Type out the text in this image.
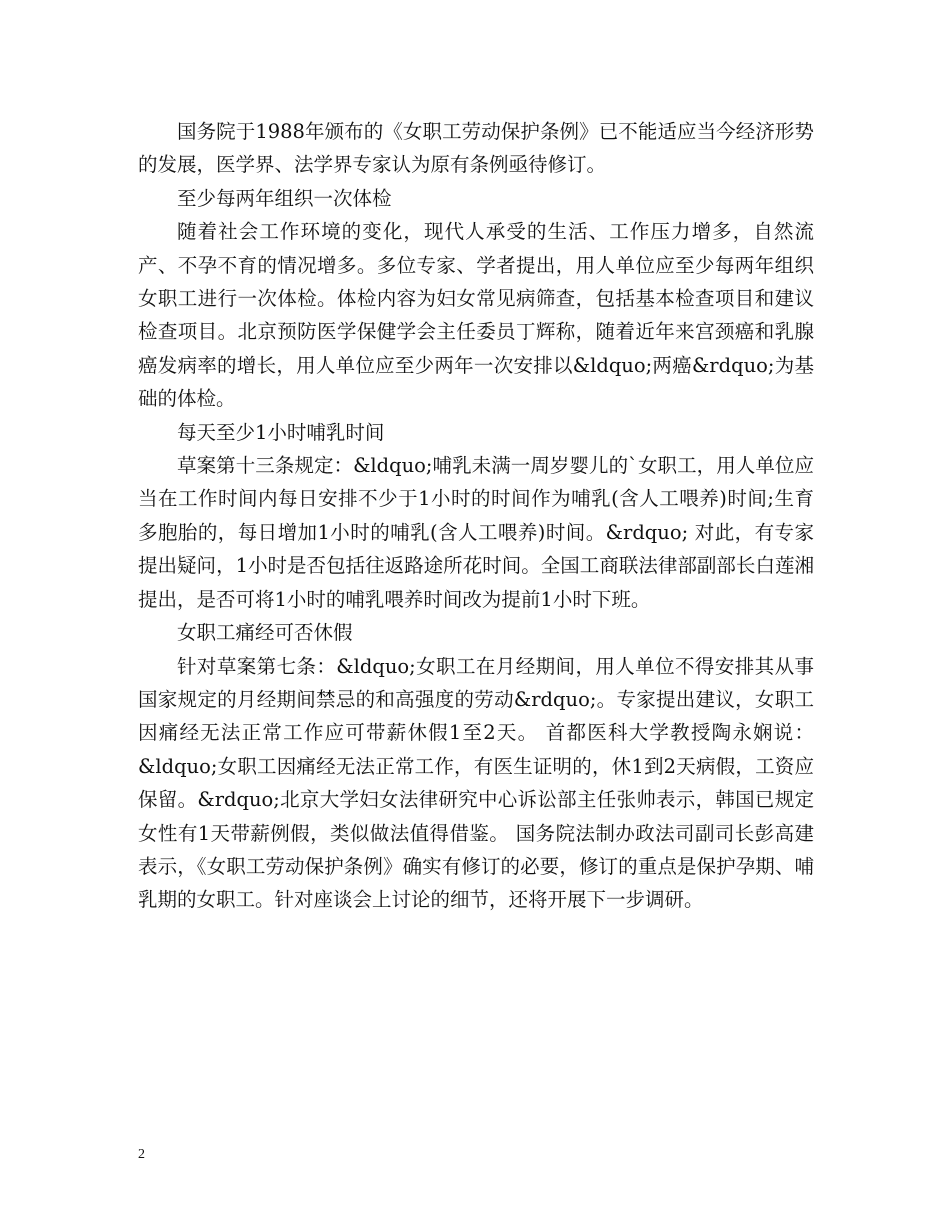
国务院于1988年颁布的《女职工劳动保护条例》已不能适应当今经济形势的发展，医学界、法学界专家认为原有条例亟待修订。

至少每两年组织一次体检

随着社会工作环境的变化，现代人承受的生活、工作压力增多，自然流产、不孕不育的情况增多。多位专家、学者提出，用人单位应至少每两年组织女职工进行一次体检。体检内容为妇女常见病筛查，包括基本检查项目和建议检查项目。北京预防医学保健学会主任委员丁辉称，随着近年来宫颈癌和乳腺癌发病率的增长，用人单位应至少两年一次安排以&ldquo;两癌&rdquo;为基础的体检。

每天至少1小时哺乳时间

草案第十三条规定：&ldquo;哺乳未满一周岁婴儿的`女职工，用人单位应当在工作时间内每日安排不少于1小时的时间作为哺乳(含人工喂养)时间;生育多胞胎的，每日增加1小时的哺乳(含人工喂养)时间。&rdquo; 对此，有专家提出疑问，1小时是否包括往返路途所花时间。全国工商联法律部副部长白莲湘提出，是否可将1小时的哺乳喂养时间改为提前1小时下班。

女职工痛经可否休假

针对草案第七条：&ldquo;女职工在月经期间，用人单位不得安排其从事国家规定的月经期间禁忌的和高强度的劳动&rdquo;。专家提出建议，女职工因痛经无法正常工作应可带薪休假1至2天。 首都医科大学教授陶永娴说：&ldquo;女职工因痛经无法正常工作，有医生证明的，休1到2天病假，工资应保留。&rdquo;北京大学妇女法律研究中心诉讼部主任张帅表示，韩国已规定女性有1天带薪例假，类似做法值得借鉴。 国务院法制办政法司副司长彭高建表示，《女职工劳动保护条例》确实有修订的必要，修订的重点是保护孕期、哺乳期的女职工。针对座谈会上讨论的细节，还将开展下一步调研。

2
